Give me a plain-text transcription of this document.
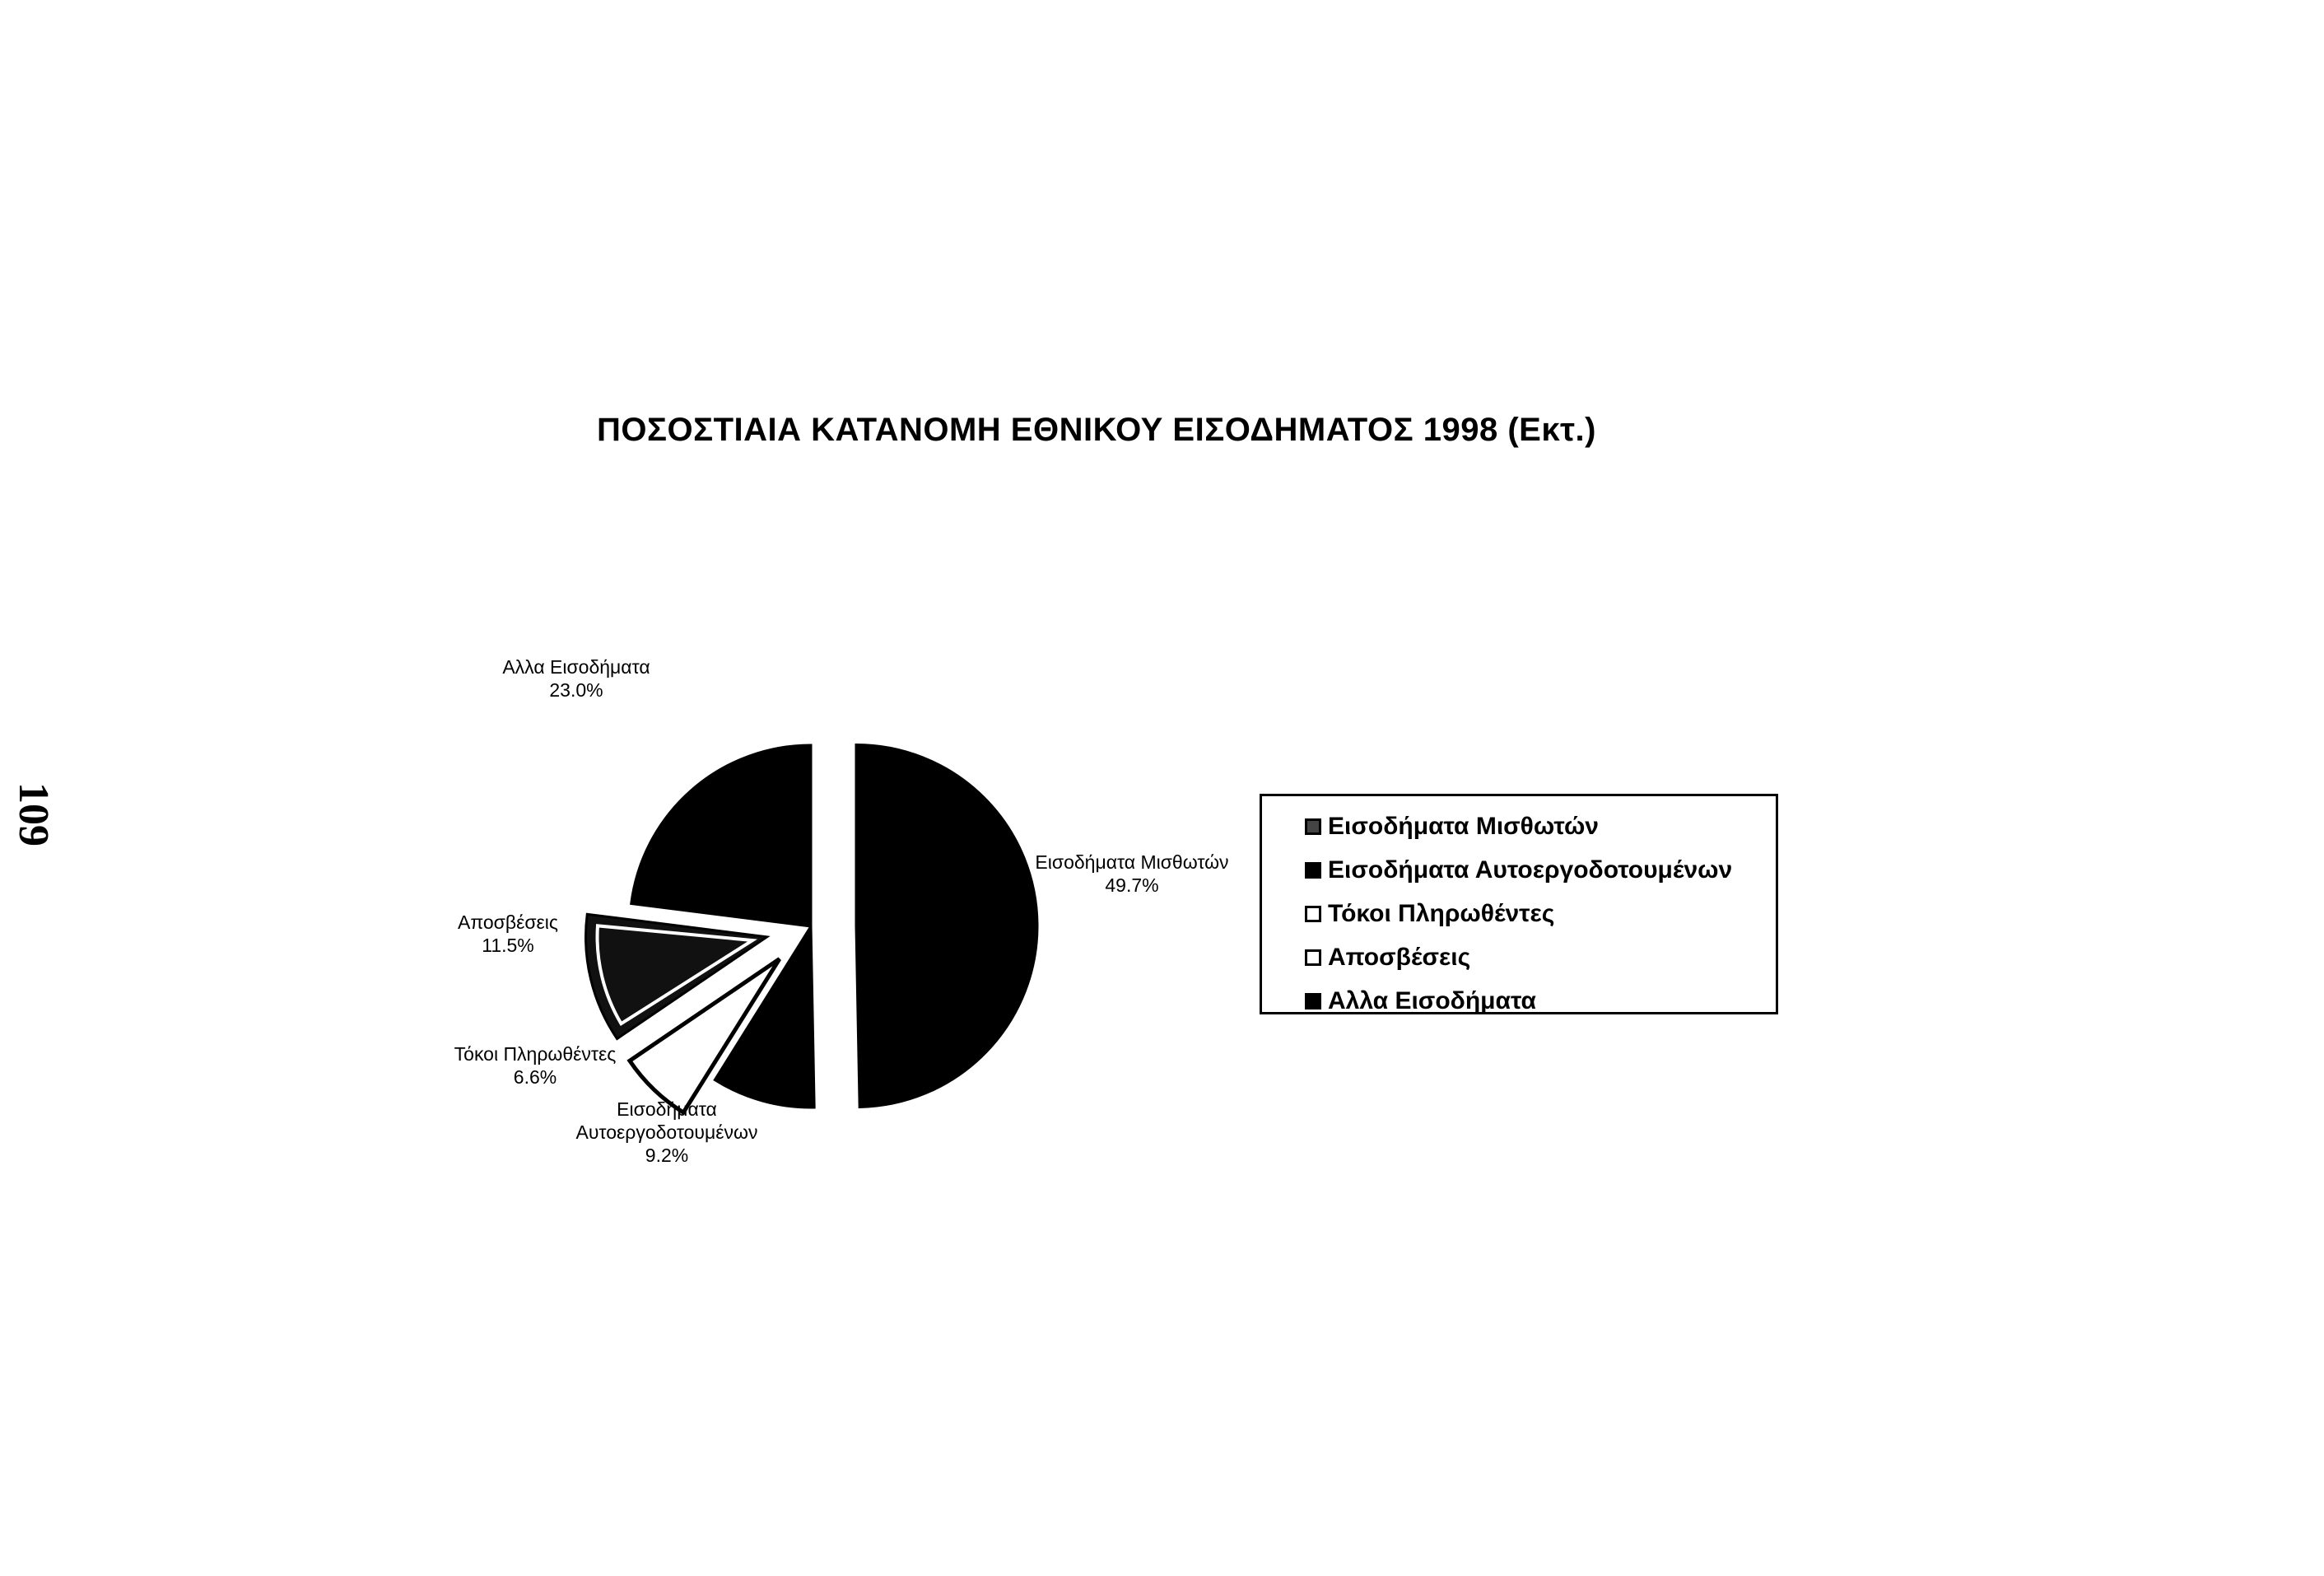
109
ΠΟΣΟΣΤΙΑΙΑ ΚΑΤΑΝΟΜΗ ΕΘΝΙΚΟΥ ΕΙΣΟΔΗΜΑΤΟΣ 1998 (Εκτ.)
Εισοδήματα Μισθωτών 49.7%
Εισοδήματα Αυτοεργοδοτουμένων 9.2%
Τόκοι Πληρωθέντες 6.6%
Αποσβέσεις 11.5%
Αλλα Εισοδήματα 23.0%
Εισοδήματα Μισθωτών
Εισοδήματα Αυτοεργοδοτουμένων
Τόκοι Πληρωθέντες
Αποσβέσεις
Αλλα Εισοδήματα
